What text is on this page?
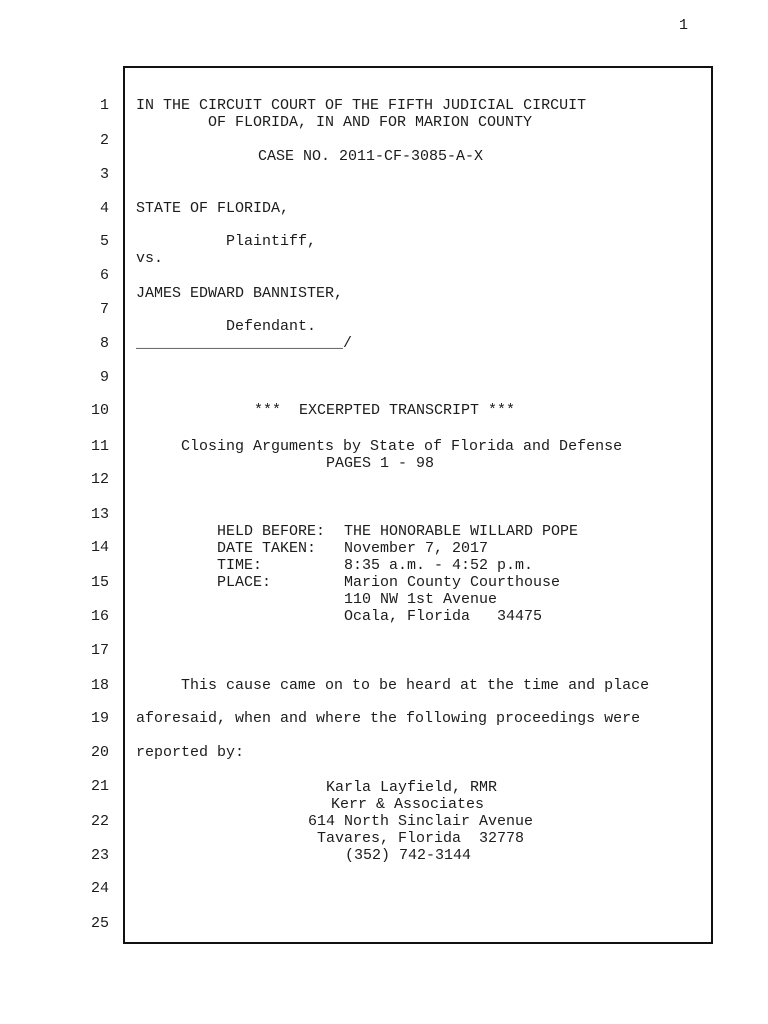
1
1
2
3
4
5
6
7
8
9
10
11
12
13
14
15
16
17
18
19
20
21
22
23
24
25
IN THE CIRCUIT COURT OF THE FIFTH JUDICIAL CIRCUIT
OF FLORIDA, IN AND FOR MARION COUNTY
CASE NO. 2011-CF-3085-A-X
STATE OF FLORIDA,
Plaintiff,
vs.
JAMES EDWARD BANNISTER,
Defendant.
_______________________/
***  EXCERPTED TRANSCRIPT ***
Closing Arguments by State of Florida and Defense
PAGES 1 - 98
HELD BEFORE: THE HONORABLE WILLARD POPE
DATE TAKEN: November 7, 2017
TIME:	8:35 a.m. - 4:52 p.m.
PLACE:	Marion County Courthouse
110 NW 1st Avenue
Ocala, Florida   34475
This cause came on to be heard at the time and place
aforesaid, when and where the following proceedings were
reported by:
Karla Layfield, RMR
Kerr & Associates
614 North Sinclair Avenue
Tavares, Florida  32778
(352) 742-3144
